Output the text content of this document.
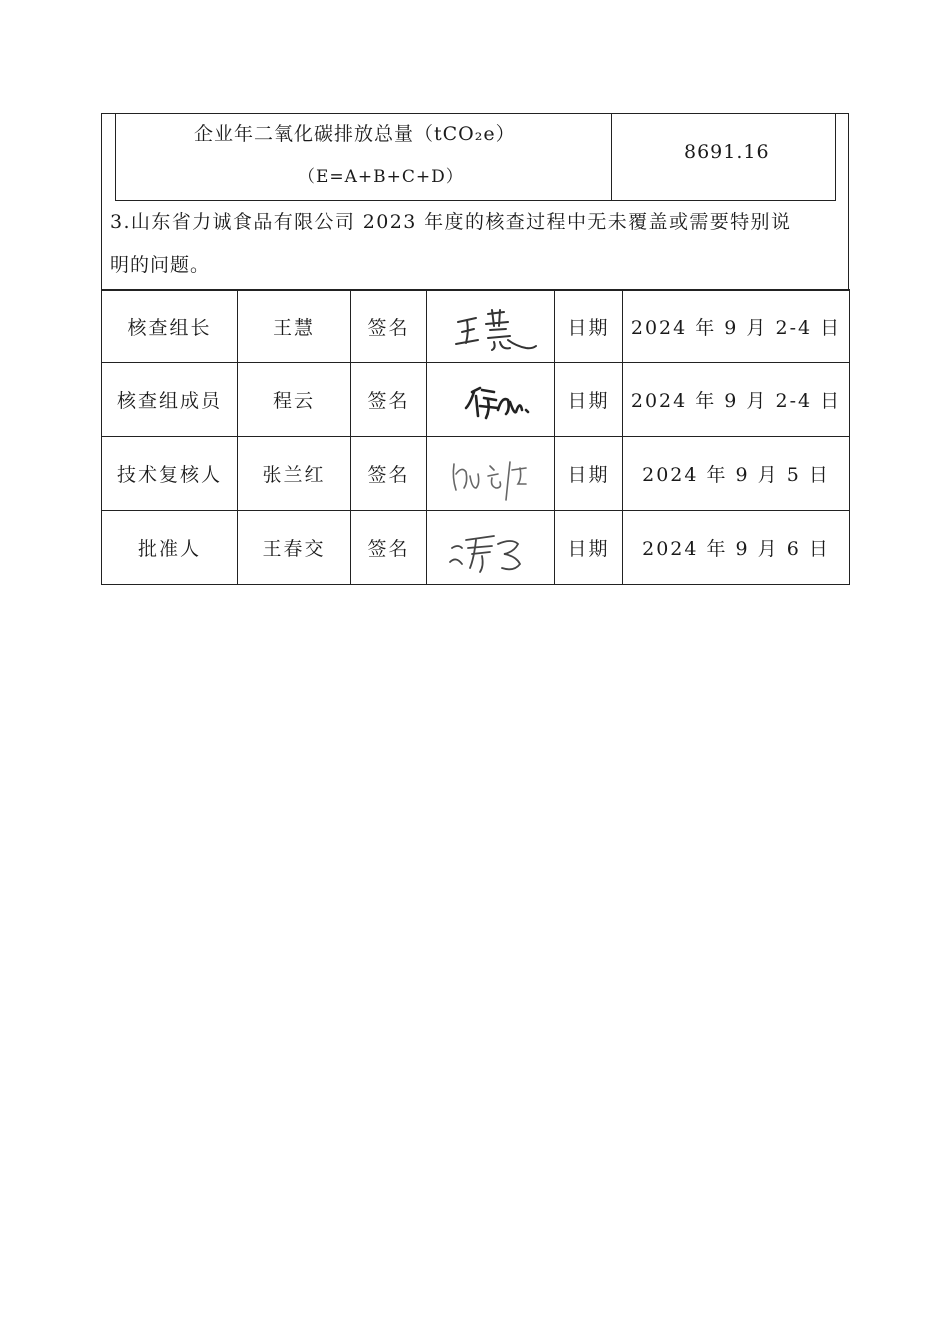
企业年二氧化碳排放总量（tCO₂e）
（E=A+B+C+D）
8691.16
3.山东省力诚食品有限公司 2023 年度的核查过程中无未覆盖或需要特别说
明的问题。
核查组长	王慧	签名		日期	2024 年 9 月 2-4 日
核查组成员	程云	签名		日期	2024 年 9 月 2-4 日
技术复核人	张兰红	签名		日期	2024 年 9 月 5 日
批准人	王春交	签名		日期	2024 年 9 月 6 日
